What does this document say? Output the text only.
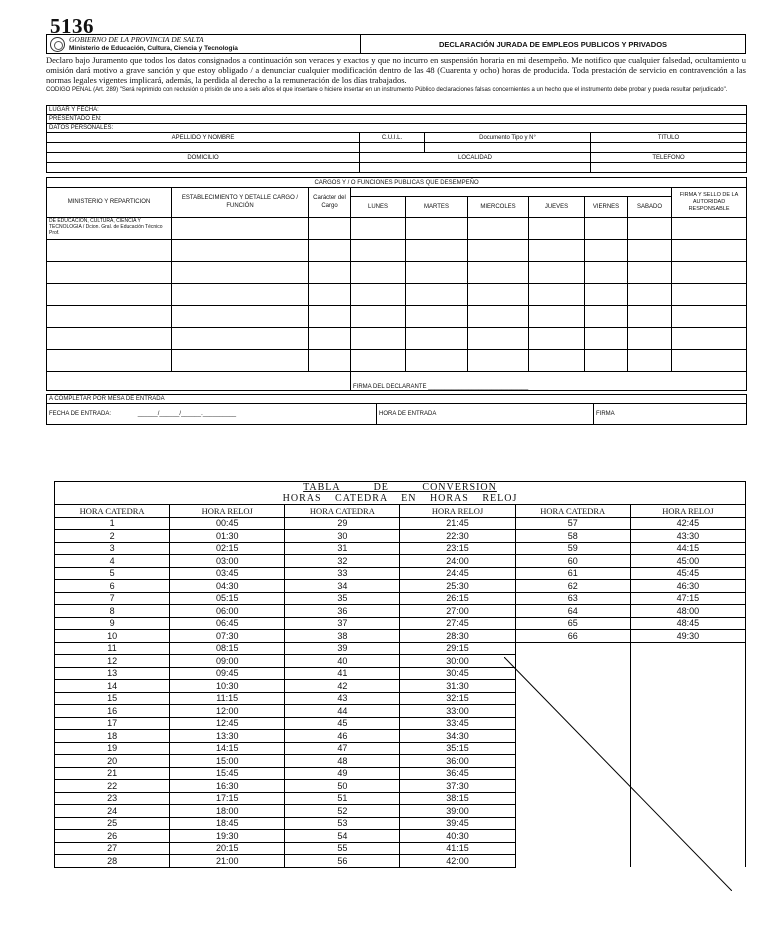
5136
GOBIERNO DE LA PROVINCIA DE SALTA
Ministerio de Educación, Cultura, Ciencia y Tecnología	DECLARACIÓN JURADA DE EMPLEOS PUBLICOS Y PRIVADOS

Declaro bajo Juramento que todos los datos consignados a continuación son veraces y exactos y que no incurro en suspensión horaria en mi desempeño. Me notifico que cualquier falsedad, ocultamiento u omisión dará motivo a grave sanción y que estoy obligado / a denunciar cualquier modificación dentro de las 48 (Cuarenta y ocho) horas de producida. Toda prestación de servicio en contravención a las normas legales vigentes implicará, además, la perdida al derecho a la remuneración de los días trabajados.

CODIGO PENAL (Art. 289) "Será reprimido con reclusión o prisión de uno a seis años el que insertare o hiciere insertar en un instrumento Público declaraciones falsas concernientes a un hecho que el instrumento debe probar y pueda resultar perjudicado".

LUGAR Y FECHA:			
PRESENTADO EN:			
DATOS PERSONALES:			
APELLIDO Y NOMBRE	C.U.I.L.	Documento Tipo y N°	TITULO

DOMICILIO	LOCALIDAD		TELEFONO

CARGOS Y / O FUNCIONES PUBLICAS QUE DESEMPEÑO									
MINISTERIO Y REPARTICION	ESTABLECIMIENTO Y DETALLE CARGO / FUNCIÓN	Carácter del Cargo							FIRMA Y SELLO DE LA AUTORIDAD RESPONSABLE
			LUNES	MARTES	MIERCOLES	JUEVES	VIERNES	SABADO	
DE EDUCACION, CULTURA, CIENCIA Y TECNOLOGIA / Dcion. Gral. de Educación Técnico Prof.									

			FIRMA DEL DECLARANTE ______________________________						
A COMPLETAR POR MESA DE ENTRADA
FECHA DE ENTRADA:	______/______/______.__________	HORA DE ENTRADA	FIRMA
TABLA DE CONVERSION					
HORAS CATEDRA EN HORAS RELOJ					
HORA CATEDRA	HORA RELOJ	HORA CATEDRA	HORA RELOJ	HORA CATEDRA	HORA RELOJ
1	00:45	29	21:45	57	42:45
2	01:30	30	22:30	58	43:30
3	02:15	31	23:15	59	44:15
4	03:00	32	24:00	60	45:00
5	03:45	33	24:45	61	45:45
6	04:30	34	25:30	62	46:30
7	05:15	35	26:15	63	47:15
8	06:00	36	27:00	64	48:00
9	06:45	37	27:45	65	48:45
10	07:30	38	28:30	66	49:30
11	08:15	39	29:15		
12	09:00	40	30:00		
13	09:45	41	30:45		
14	10:30	42	31:30		
15	11:15	43	32:15		
16	12:00	44	33:00		
17	12:45	45	33:45		
18	13:30	46	34:30		
19	14:15	47	35:15		
20	15:00	48	36:00		
21	15:45	49	36:45		
22	16:30	50	37:30		
23	17:15	51	38:15		
24	18:00	52	39:00		
25	18:45	53	39:45		
26	19:30	54	40:30		
27	20:15	55	41:15		
28	21:00	56	42:00		
